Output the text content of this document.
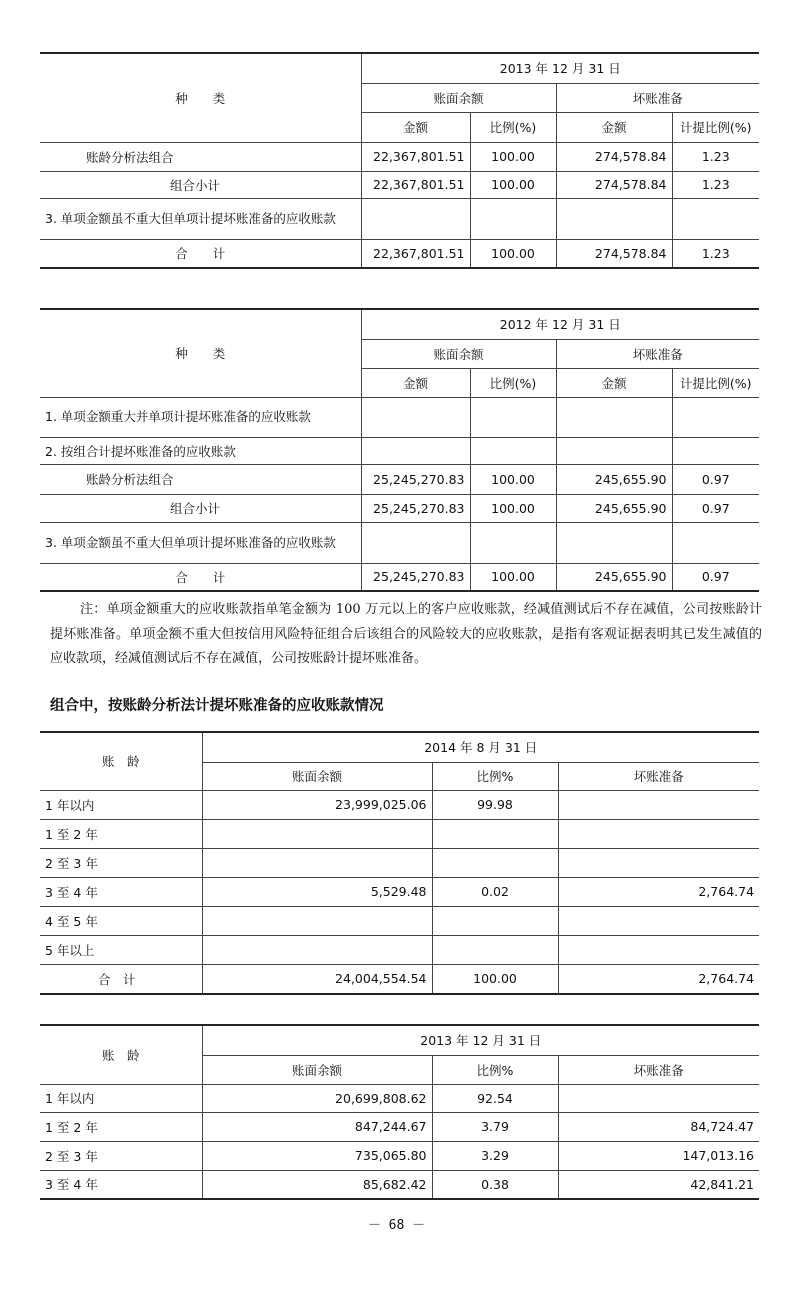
种　　类	2013 年 12 月 31 日			
	账面余额		坏账准备	
	金额	比例(%)	金额	计提比例(%)
账龄分析法组合	22,367,801.51	100.00	274,578.84	1.23
组合小计	22,367,801.51	100.00	274,578.84	1.23
3. 单项金额虽不重大但单项计提坏账准备的应收账款				
合　　计	22,367,801.51	100.00	274,578.84	1.23
种　　类	2012 年 12 月 31 日			
	账面余额		坏账准备	
	金额	比例(%)	金额	计提比例(%)
1. 单项金额重大并单项计提坏账准备的应收账款				
2. 按组合计提坏账准备的应收账款				
账龄分析法组合	25,245,270.83	100.00	245,655.90	0.97
组合小计	25,245,270.83	100.00	245,655.90	0.97
3. 单项金额虽不重大但单项计提坏账准备的应收账款				
合　　计	25,245,270.83	100.00	245,655.90	0.97

注：单项金额重大的应收账款指单笔金额为 100 万元以上的客户应收账款，经减值测试后不存在减值，公司按账龄计提坏账准备。单项金额不重大但按信用风险特征组合后该组合的风险较大的应收账款，是指有客观证据表明其已发生减值的应收款项，经减值测试后不存在减值，公司按账龄计提坏账准备。

组合中，按账龄分析法计提坏账准备的应收账款情况

账　龄	2014 年 8 月 31 日		
	账面余额	比例%	坏账准备
1 年以内	23,999,025.06	99.98	
1 至 2 年			
2 至 3 年			
3 至 4 年	5,529.48	0.02	2,764.74
4 至 5 年			
5 年以上			
合　计	24,004,554.54	100.00	2,764.74
账　龄	2013 年 12 月 31 日		
	账面余额	比例%	坏账准备
1 年以内	20,699,808.62	92.54	
1 至 2 年	847,244.67	3.79	84,724.47
2 至 3 年	735,065.80	3.29	147,013.16
3 至 4 年	85,682.42	0.38	42,841.21
－ 68 －
